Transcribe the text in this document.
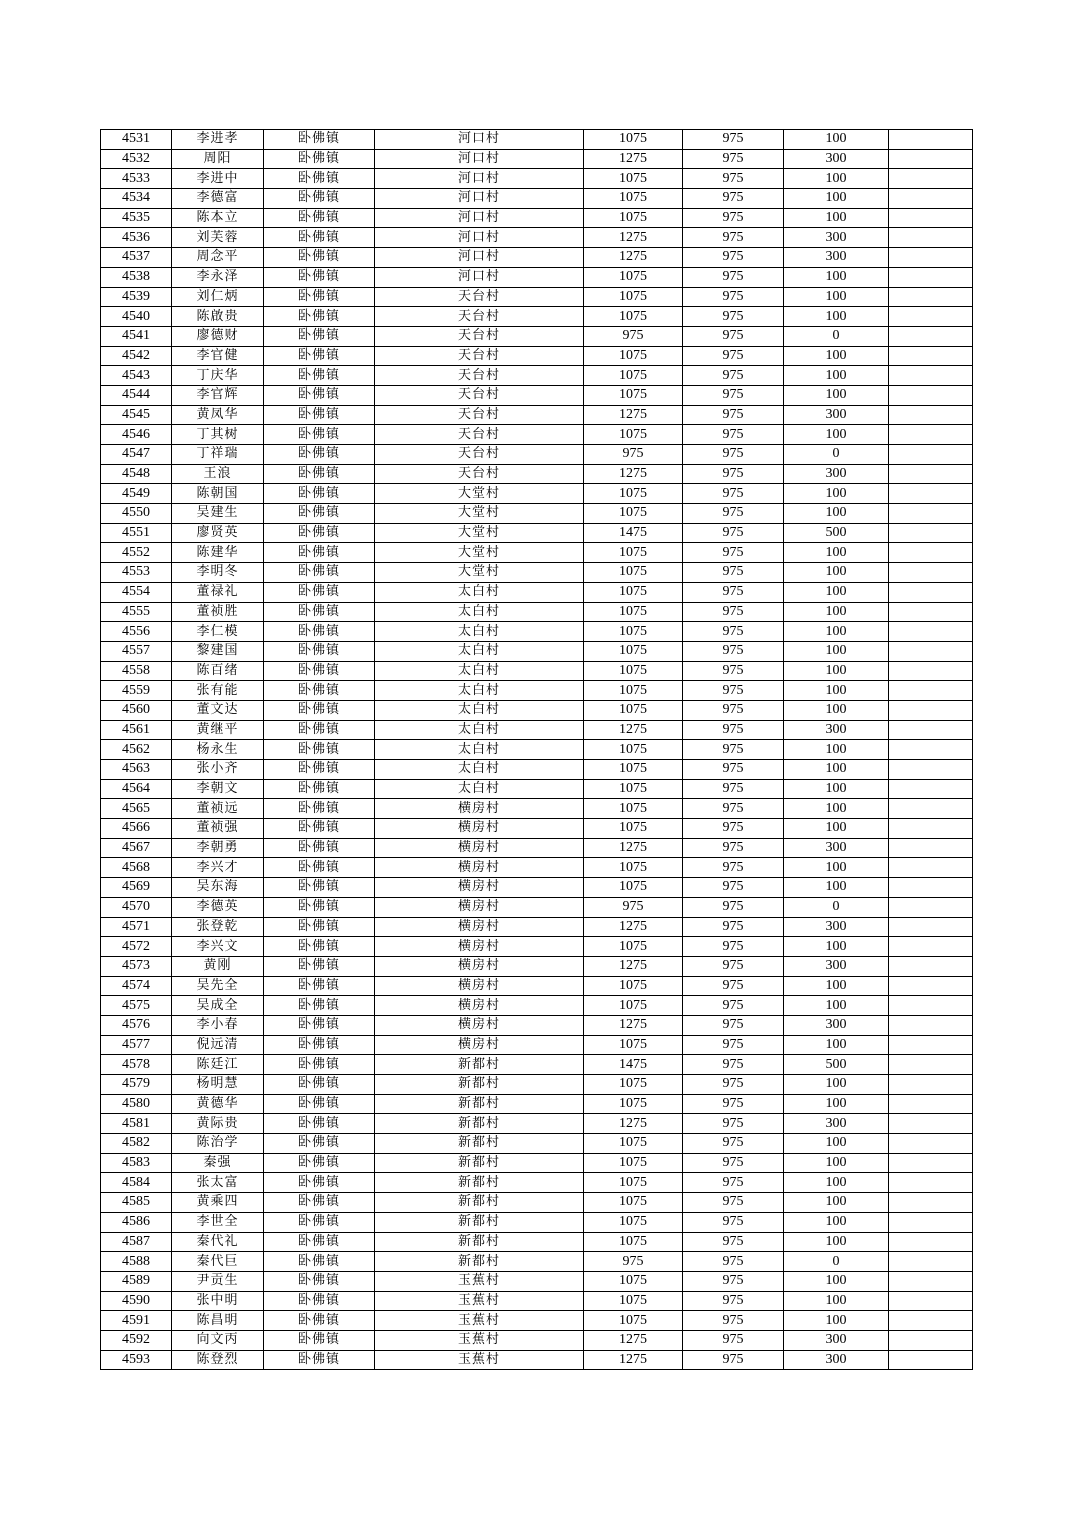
4531	李进孝	卧佛镇	河口村	1075	975	100	
4532	周阳	卧佛镇	河口村	1275	975	300	
4533	李进中	卧佛镇	河口村	1075	975	100	
4534	李德富	卧佛镇	河口村	1075	975	100	
4535	陈本立	卧佛镇	河口村	1075	975	100	
4536	刘芙蓉	卧佛镇	河口村	1275	975	300	
4537	周念平	卧佛镇	河口村	1275	975	300	
4538	李永泽	卧佛镇	河口村	1075	975	100	
4539	刘仁炳	卧佛镇	天台村	1075	975	100	
4540	陈啟贵	卧佛镇	天台村	1075	975	100	
4541	廖德财	卧佛镇	天台村	975	975	0	
4542	李官健	卧佛镇	天台村	1075	975	100	
4543	丁庆华	卧佛镇	天台村	1075	975	100	
4544	李官辉	卧佛镇	天台村	1075	975	100	
4545	黄凤华	卧佛镇	天台村	1275	975	300	
4546	丁其树	卧佛镇	天台村	1075	975	100	
4547	丁祥瑞	卧佛镇	天台村	975	975	0	
4548	王浪	卧佛镇	天台村	1275	975	300	
4549	陈朝国	卧佛镇	大堂村	1075	975	100	
4550	吴建生	卧佛镇	大堂村	1075	975	100	
4551	廖贤英	卧佛镇	大堂村	1475	975	500	
4552	陈建华	卧佛镇	大堂村	1075	975	100	
4553	李明冬	卧佛镇	大堂村	1075	975	100	
4554	董禄礼	卧佛镇	太白村	1075	975	100	
4555	董祯胜	卧佛镇	太白村	1075	975	100	
4556	李仁模	卧佛镇	太白村	1075	975	100	
4557	黎建国	卧佛镇	太白村	1075	975	100	
4558	陈百绪	卧佛镇	太白村	1075	975	100	
4559	张有能	卧佛镇	太白村	1075	975	100	
4560	董文达	卧佛镇	太白村	1075	975	100	
4561	黄继平	卧佛镇	太白村	1275	975	300	
4562	杨永生	卧佛镇	太白村	1075	975	100	
4563	张小齐	卧佛镇	太白村	1075	975	100	
4564	李朝文	卧佛镇	太白村	1075	975	100	
4565	董祯远	卧佛镇	横房村	1075	975	100	
4566	董祯强	卧佛镇	横房村	1075	975	100	
4567	李朝勇	卧佛镇	横房村	1275	975	300	
4568	李兴才	卧佛镇	横房村	1075	975	100	
4569	吴东海	卧佛镇	横房村	1075	975	100	
4570	李德英	卧佛镇	横房村	975	975	0	
4571	张登乾	卧佛镇	横房村	1275	975	300	
4572	李兴文	卧佛镇	横房村	1075	975	100	
4573	黄刚	卧佛镇	横房村	1275	975	300	
4574	吴先全	卧佛镇	横房村	1075	975	100	
4575	吴成全	卧佛镇	横房村	1075	975	100	
4576	李小春	卧佛镇	横房村	1275	975	300	
4577	倪远清	卧佛镇	横房村	1075	975	100	
4578	陈廷江	卧佛镇	新都村	1475	975	500	
4579	杨明慧	卧佛镇	新都村	1075	975	100	
4580	黄德华	卧佛镇	新都村	1075	975	100	
4581	黄际贵	卧佛镇	新都村	1275	975	300	
4582	陈治学	卧佛镇	新都村	1075	975	100	
4583	秦强	卧佛镇	新都村	1075	975	100	
4584	张太富	卧佛镇	新都村	1075	975	100	
4585	黄乘四	卧佛镇	新都村	1075	975	100	
4586	李世全	卧佛镇	新都村	1075	975	100	
4587	秦代礼	卧佛镇	新都村	1075	975	100	
4588	秦代巨	卧佛镇	新都村	975	975	0	
4589	尹贡生	卧佛镇	玉蕉村	1075	975	100	
4590	张中明	卧佛镇	玉蕉村	1075	975	100	
4591	陈昌明	卧佛镇	玉蕉村	1075	975	100	
4592	向文丙	卧佛镇	玉蕉村	1275	975	300	
4593	陈登烈	卧佛镇	玉蕉村	1275	975	300	
